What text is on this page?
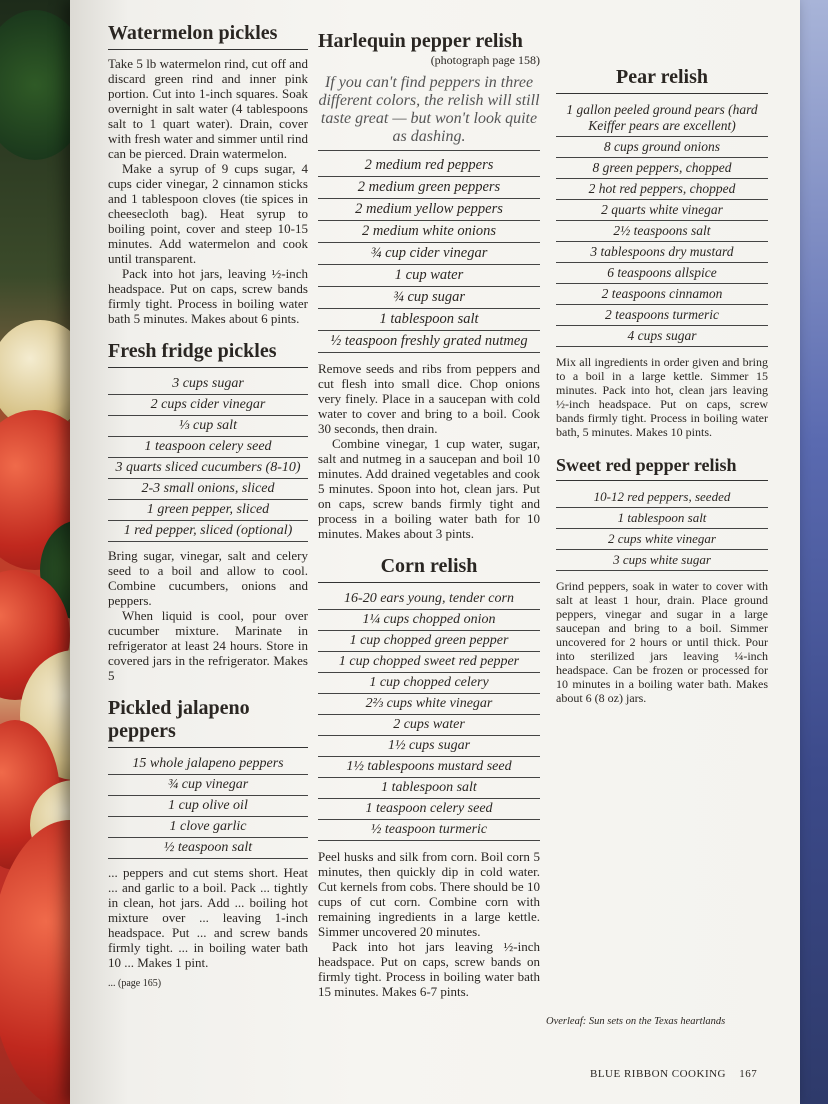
Watermelon pickles

Take 5 lb watermelon rind, cut off and discard green rind and inner pink portion. Cut into 1-inch squares. Soak overnight in salt water (4 tablespoons salt to 1 quart water). Drain, cover with fresh water and simmer until rind can be pierced. Drain watermelon.

Make a syrup of 9 cups sugar, 4 cups cider vinegar, 2 cinnamon sticks and 1 tablespoon cloves (tie spices in cheesecloth bag). Heat syrup to boiling point, cover and steep 10-15 minutes. Add watermelon and cook until transparent.

Pack into hot jars, leaving ½-inch headspace. Put on caps, screw bands firmly tight. Process in boiling water bath 5 minutes. Makes about 6 pints.

Fresh fridge pickles
3 cups sugar
2 cups cider vinegar
⅓ cup salt
1 teaspoon celery seed
3 quarts sliced cucumbers (8-10)
2-3 small onions, sliced
1 green pepper, sliced
1 red pepper, sliced (optional)

Bring sugar, vinegar, salt and celery seed to a boil and allow to cool. Combine cucumbers, onions and peppers.

When liquid is cool, pour over cucumber mixture. Marinate in refrigerator at least 24 hours. Store in covered jars in the refrigerator. Makes 5

Pickled jalapeno peppers
15 whole jalapeno peppers
¾ cup vinegar
1 cup olive oil
1 clove garlic
½ teaspoon salt

... peppers and cut stems short. Heat ... and garlic to a boil. Pack ... tightly in clean, hot jars. Add ... boiling hot mixture over ... leaving 1-inch headspace. Put ... and screw bands firmly tight. ... in boiling water bath 10 ... Makes 1 pint.

... (page 165)
Harlequin pepper relish
(photograph page 158)
If you can't find peppers in three different colors, the relish will still taste great — but won't look quite as dashing.
2 medium red peppers
2 medium green peppers
2 medium yellow peppers
2 medium white onions
¾ cup cider vinegar
1 cup water
¾ cup sugar
1 tablespoon salt
½ teaspoon freshly grated nutmeg

Remove seeds and ribs from peppers and cut flesh into small dice. Chop onions very finely. Place in a saucepan with cold water to cover and bring to a boil. Cook 30 seconds, then drain.

Combine vinegar, 1 cup water, sugar, salt and nutmeg in a saucepan and boil 10 minutes. Add drained vegetables and cook 5 minutes. Spoon into hot, clean jars. Put on caps, screw bands firmly tight and process in a boiling water bath for 10 minutes. Makes about 3 pints.

Corn relish
16-20 ears young, tender corn
1¼ cups chopped onion
1 cup chopped green pepper
1 cup chopped sweet red pepper
1 cup chopped celery
2⅔ cups white vinegar
2 cups water
1½ cups sugar
1½ tablespoons mustard seed
1 tablespoon salt
1 teaspoon celery seed
½ teaspoon turmeric

Peel husks and silk from corn. Boil corn 5 minutes, then quickly dip in cold water. Cut kernels from cobs. There should be 10 cups of cut corn. Combine corn with remaining ingredients in a large kettle. Simmer uncovered 20 minutes.

Pack into hot jars leaving ½-inch headspace. Put on caps, screw bands on firmly tight. Process in boiling water bath 15 minutes. Makes 6-7 pints.

Pear relish
1 gallon peeled ground pears (hard Keiffer pears are excellent)
8 cups ground onions
8 green peppers, chopped
2 hot red peppers, chopped
2 quarts white vinegar
2½ teaspoons salt
3 tablespoons dry mustard
6 teaspoons allspice
2 teaspoons cinnamon
2 teaspoons turmeric
4 cups sugar

Mix all ingredients in order given and bring to a boil in a large kettle. Simmer 15 minutes. Pack into hot, clean jars leaving ½-inch headspace. Put on caps, screw bands firmly tight. Process in boiling water bath, 5 minutes. Makes 10 pints.

Sweet red pepper relish
10-12 red peppers, seeded
1 tablespoon salt
2 cups white vinegar
3 cups white sugar

Grind peppers, soak in water to cover with salt at least 1 hour, drain. Place ground peppers, vinegar and sugar in a large saucepan and bring to a boil. Simmer uncovered for 2 hours or until thick. Pour into sterilized jars leaving ¼-inch headspace. Can be frozen or processed for 10 minutes in a boiling water bath. Makes about 6 (8 oz) jars.

Overleaf: Sun sets on the Texas heartlands
BLUE RIBBON COOKING 167
